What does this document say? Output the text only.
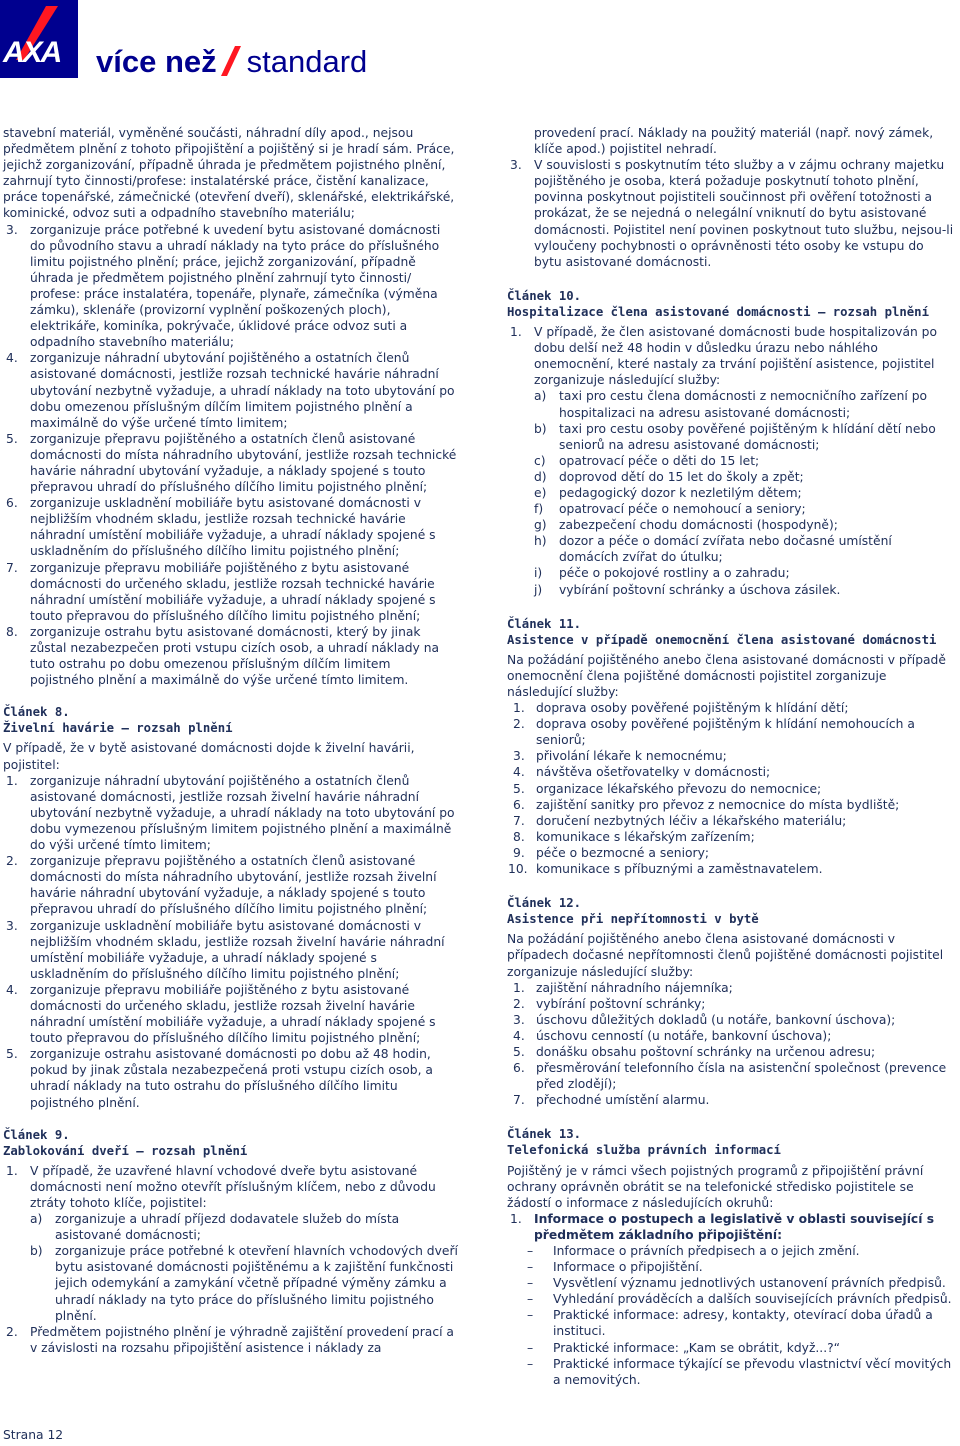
AXA více než standard

stavební materiál, vyměněné součásti, náhradní díly apod., nejsou předmětem plnění z tohoto připojištění a pojištěný si je hradí sám. Práce, jejichž zorganizování, případně úhrada je předmětem pojistného plnění, zahrnují tyto činnosti/profese: instalatérské práce, čistění kanalizace, práce topenářské, zámečnické (otevření dveří), sklenářské, elektrikářské, kominické, odvoz suti a odpadního stavebního materiálu;

3. zorganizuje práce potřebné k uvedení bytu asistované domácnosti do původního stavu a uhradí náklady na tyto práce do příslušného limitu pojistného plnění; práce, jejichž zorganizování, případně úhrada je předmětem pojistného plnění zahrnují tyto činnosti/ profese: práce instalatéra, topenáře, plynaře, zámečníka (výměna zámku), sklenáře (provizorní vyplnění poškozených ploch), elektrikáře, kominíka, pokrývače, úklidové práce odvoz suti a odpadního stavebního materiálu;
4. zorganizuje náhradní ubytování pojištěného a ostatních členů asistované domácnosti, jestliže rozsah technické havárie náhradní ubytování nezbytně vyžaduje, a uhradí náklady na toto ubytování po dobu omezenou příslušným dílčím limitem pojistného plnění a maximálně do výše určené tímto limitem;
5. zorganizuje přepravu pojištěného a ostatních členů asistované domácnosti do místa náhradního ubytování, jestliže rozsah technické havárie náhradní ubytování vyžaduje, a náklady spojené s touto přepravou uhradí do příslušného dílčího limitu pojistného plnění;
6. zorganizuje uskladnění mobiliáře bytu asistované domácnosti v nejbližším vhodném skladu, jestliže rozsah technické havárie náhradní umístění mobiliáře vyžaduje, a uhradí náklady spojené s uskladněním do příslušného dílčího limitu pojistného plnění;
7. zorganizuje přepravu mobiliáře pojištěného z bytu asistované domácnosti do určeného skladu, jestliže rozsah technické havárie náhradní umístění mobiliáře vyžaduje, a uhradí náklady spojené s touto přepravou do příslušného dílčího limitu pojistného plnění;
8. zorganizuje ostrahu bytu asistované domácnosti, který by jinak zůstal nezabezpečen proti vstupu cizích osob, a uhradí náklady na tuto ostrahu po dobu omezenou příslušným dílčím limitem pojistného plnění a maximálně do výše určené tímto limitem.
Článek 8.
Živelní havárie – rozsah plnění

V případě, že v bytě asistované domácnosti dojde k živelní havárii, pojistitel:

1. zorganizuje náhradní ubytování pojištěného a ostatních členů asistované domácnosti, jestliže rozsah živelní havárie náhradní ubytování nezbytně vyžaduje, a uhradí náklady na toto ubytování po dobu vymezenou příslušným limitem pojistného plnění a maximálně do výši určené tímto limitem;
2. zorganizuje přepravu pojištěného a ostatních členů asistované domácnosti do místa náhradního ubytování, jestliže rozsah živelní havárie náhradní ubytování vyžaduje, a náklady spojené s touto přepravou uhradí do příslušného dílčího limitu pojistného plnění;
3. zorganizuje uskladnění mobiliáře bytu asistované domácnosti v nejbližším vhodném skladu, jestliže rozsah živelní havárie náhradní umístění mobiliáře vyžaduje, a uhradí náklady spojené s uskladněním do příslušného dílčího limitu pojistného plnění;
4. zorganizuje přepravu mobiliáře pojištěného z bytu asistované domácnosti do určeného skladu, jestliže rozsah živelní havárie náhradní umístění mobiliáře vyžaduje, a uhradí náklady spojené s touto přepravou do příslušného dílčího limitu pojistného plnění;
5. zorganizuje ostrahu asistované domácnosti po dobu až 48 hodin, pokud by jinak zůstala nezabezpečená proti vstupu cizích osob, a uhradí náklady na tuto ostrahu do příslušného dílčího limitu pojistného plnění.
Článek 9.
Zablokování dveří – rozsah plnění
1. V případě, že uzavřené hlavní vchodové dveře bytu asistované domácnosti není možno otevřít příslušným klíčem, nebo z důvodu ztráty tohoto klíče, pojistitel:
a) zorganizuje a uhradí příjezd dodavatele služeb do místa asistované domácnosti;
b) zorganizuje práce potřebné k otevření hlavních vchodových dveří bytu asistované domácnosti pojištěnému a k zajištění funkčnosti jejich odemykání a zamykání včetně případné výměny zámku a uhradí náklady na tyto práce do příslušného limitu pojistného plnění.
2. Předmětem pojistného plnění je výhradně zajištění provedení prací a v závislosti na rozsahu připojištění asistence i náklady za
provedení prací. Náklady na použitý materiál (např. nový zámek, klíče apod.) pojistitel nehradí.
3. V souvislosti s poskytnutím této služby a v zájmu ochrany majetku pojištěného je osoba, která požaduje poskytnutí tohoto plnění, povinna poskytnout pojistiteli součinnost při ověření totožnosti a prokázat, že se nejedná o nelegální vniknutí do bytu asistované domácnosti. Pojistitel není povinen poskytnout tuto službu, nejsou-li vyloučeny pochybnosti o oprávněnosti této osoby ke vstupu do bytu asistované domácnosti.
Článek 10.
Hospitalizace člena asistované domácnosti – rozsah plnění
1. V případě, že člen asistované domácnosti bude hospitalizován po dobu delší než 48 hodin v důsledku úrazu nebo náhlého onemocnění, které nastaly za trvání pojištění asistence, pojistitel zorganizuje následující služby:
a) taxi pro cestu člena domácnosti z nemocničního zařízení po hospitalizaci na adresu asistované domácnosti;
b) taxi pro cestu osoby pověřené pojištěným k hlídání dětí nebo seniorů na adresu asistované domácnosti;
c) opatrovací péče o děti do 15 let;
d) doprovod dětí do 15 let do školy a zpět;
e) pedagogický dozor k nezletilým dětem;
f) opatrovací péče o nemohoucí a seniory;
g) zabezpečení chodu domácnosti (hospodyně);
h) dozor a péče o domácí zvířata nebo dočasné umístění domácích zvířat do útulku;
i) péče o pokojové rostliny a o zahradu;
j) vybírání poštovní schránky a úschova zásilek.
Článek 11.
Asistence v případě onemocnění člena asistované domácnosti

Na požádání pojištěného anebo člena asistované domácnosti v případě onemocnění člena pojištěné domácnosti pojistitel zorganizuje následující služby:

1. doprava osoby pověřené pojištěným k hlídání dětí;
2. doprava osoby pověřené pojištěným k hlídání nemohoucích a seniorů;
3. přivolání lékaře k nemocnému;
4. návštěva ošetřovatelky v domácnosti;
5. organizace lékařského převozu do nemocnice;
6. zajištění sanitky pro převoz z nemocnice do místa bydliště;
7. doručení nezbytných léčiv a lékařského materiálu;
8. komunikace s lékařským zařízením;
9. péče o bezmocné a seniory;
10. komunikace s příbuznými a zaměstnavatelem.
Článek 12.
Asistence při nepřítomnosti v bytě

Na požádání pojištěného anebo člena asistované domácnosti v případech dočasné nepřítomnosti členů pojištěné domácnosti pojistitel zorganizuje následující služby:

1. zajištění náhradního nájemníka;
2. vybírání poštovní schránky;
3. úschovu důležitých dokladů (u notáře, bankovní úschova);
4. úschovu cenností (u notáře, bankovní úschova);
5. donášku obsahu poštovní schránky na určenou adresu;
6. přesměrování telefonního čísla na asistenční společnost (prevence před zlodějí);
7. přechodné umístění alarmu.
Článek 13.
Telefonická služba právních informací

Pojištěný je v rámci všech pojistných programů z připojištění právní ochrany oprávněn obrátit se na telefonické středisko pojistitele se žádostí o informace z následujících okruhů:

1. Informace o postupech a legislativě v oblasti související s předmětem základního připojištění:
– Informace o právních předpisech a o jejich změní.
– Informace o připojištění.
– Vysvětlení významu jednotlivých ustanovení právních předpisů.
– Vyhledání prováděcích a dalších souvisejících právních předpisů.
– Praktické informace: adresy, kontakty, otevírací doba úřadů a instituci.
– Praktické informace: „Kam se obrátit, když...?“
– Praktické informace týkající se převodu vlastnictví věcí movitých a nemovitých.
Strana 12
